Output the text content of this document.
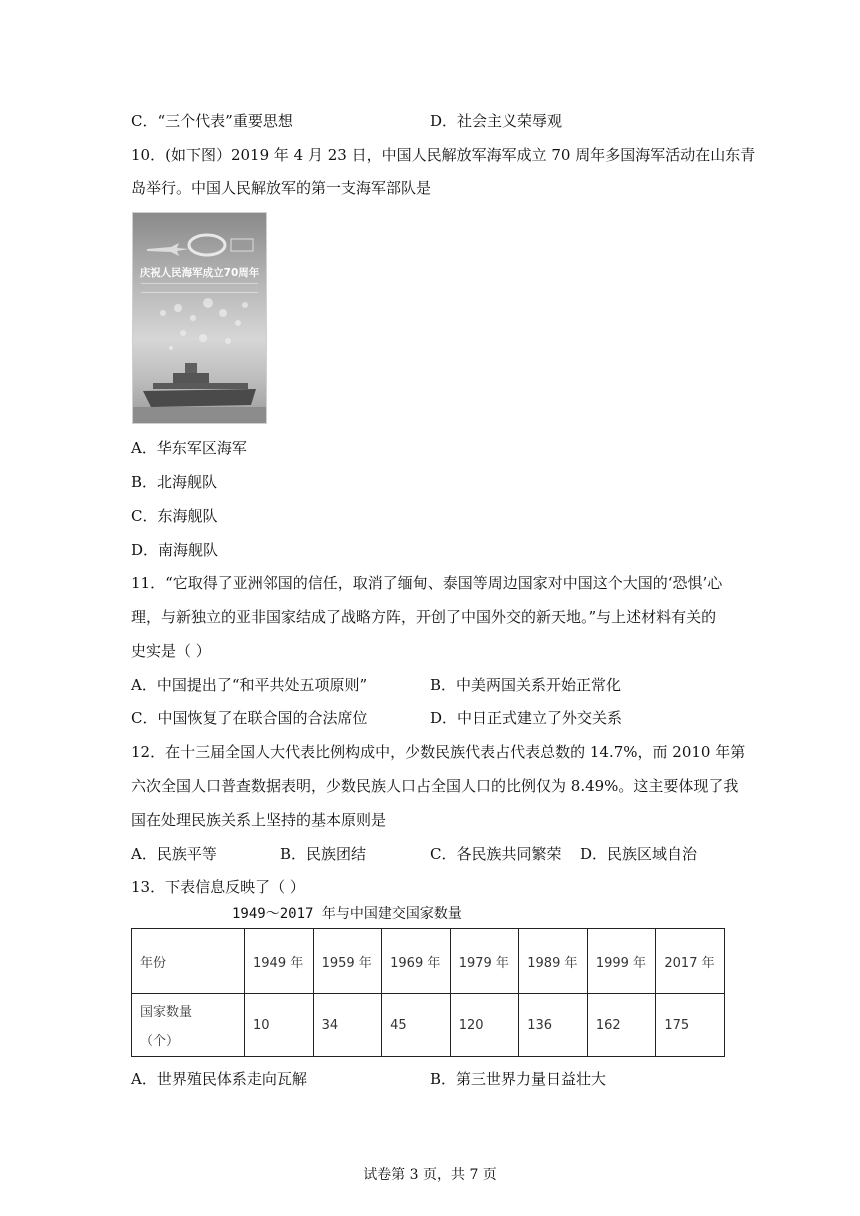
C．“三个代表”重要思想	D．社会主义荣辱观
10．(如下图）2019 年 4 月 23 日，中国人民解放军海军成立 70 周年多国海军活动在山东青
岛举行。中国人民解放军的第一支海军部队是
庆祝人民海军成立70周年
A．华东军区海军
B．北海舰队
C．东海舰队
D．南海舰队
11．“它取得了亚洲邻国的信任，取消了缅甸、泰国等周边国家对中国这个大国的‘恐惧’心
理，与新独立的亚非国家结成了战略方阵，开创了中国外交的新天地。”与上述材料有关的
史实是（ ）
A．中国提出了“和平共处五项原则”	B．中美两国关系开始正常化
C．中国恢复了在联合国的合法席位	D．中日正式建立了外交关系
12．在十三届全国人大代表比例构成中，少数民族代表占代表总数的 14.7%，而 2010 年第
六次全国人口普查数据表明，少数民族人口占全国人口的比例仅为 8.49%。这主要体现了我
国在处理民族关系上坚持的基本原则是
A．民族平等	B．民族团结	C．各民族共同繁荣 D．民族区域自治
13．下表信息反映了（ ）
1949～2017 年与中国建交国家数量
年份	1949 年	1959 年	1969 年	1979 年	1989 年	1999 年	2017 年

国家数量
（个）	10	34	45	120	136	162	175
A．世界殖民体系走向瓦解	B．第三世界力量日益壮大
试卷第 3 页，共 7 页
